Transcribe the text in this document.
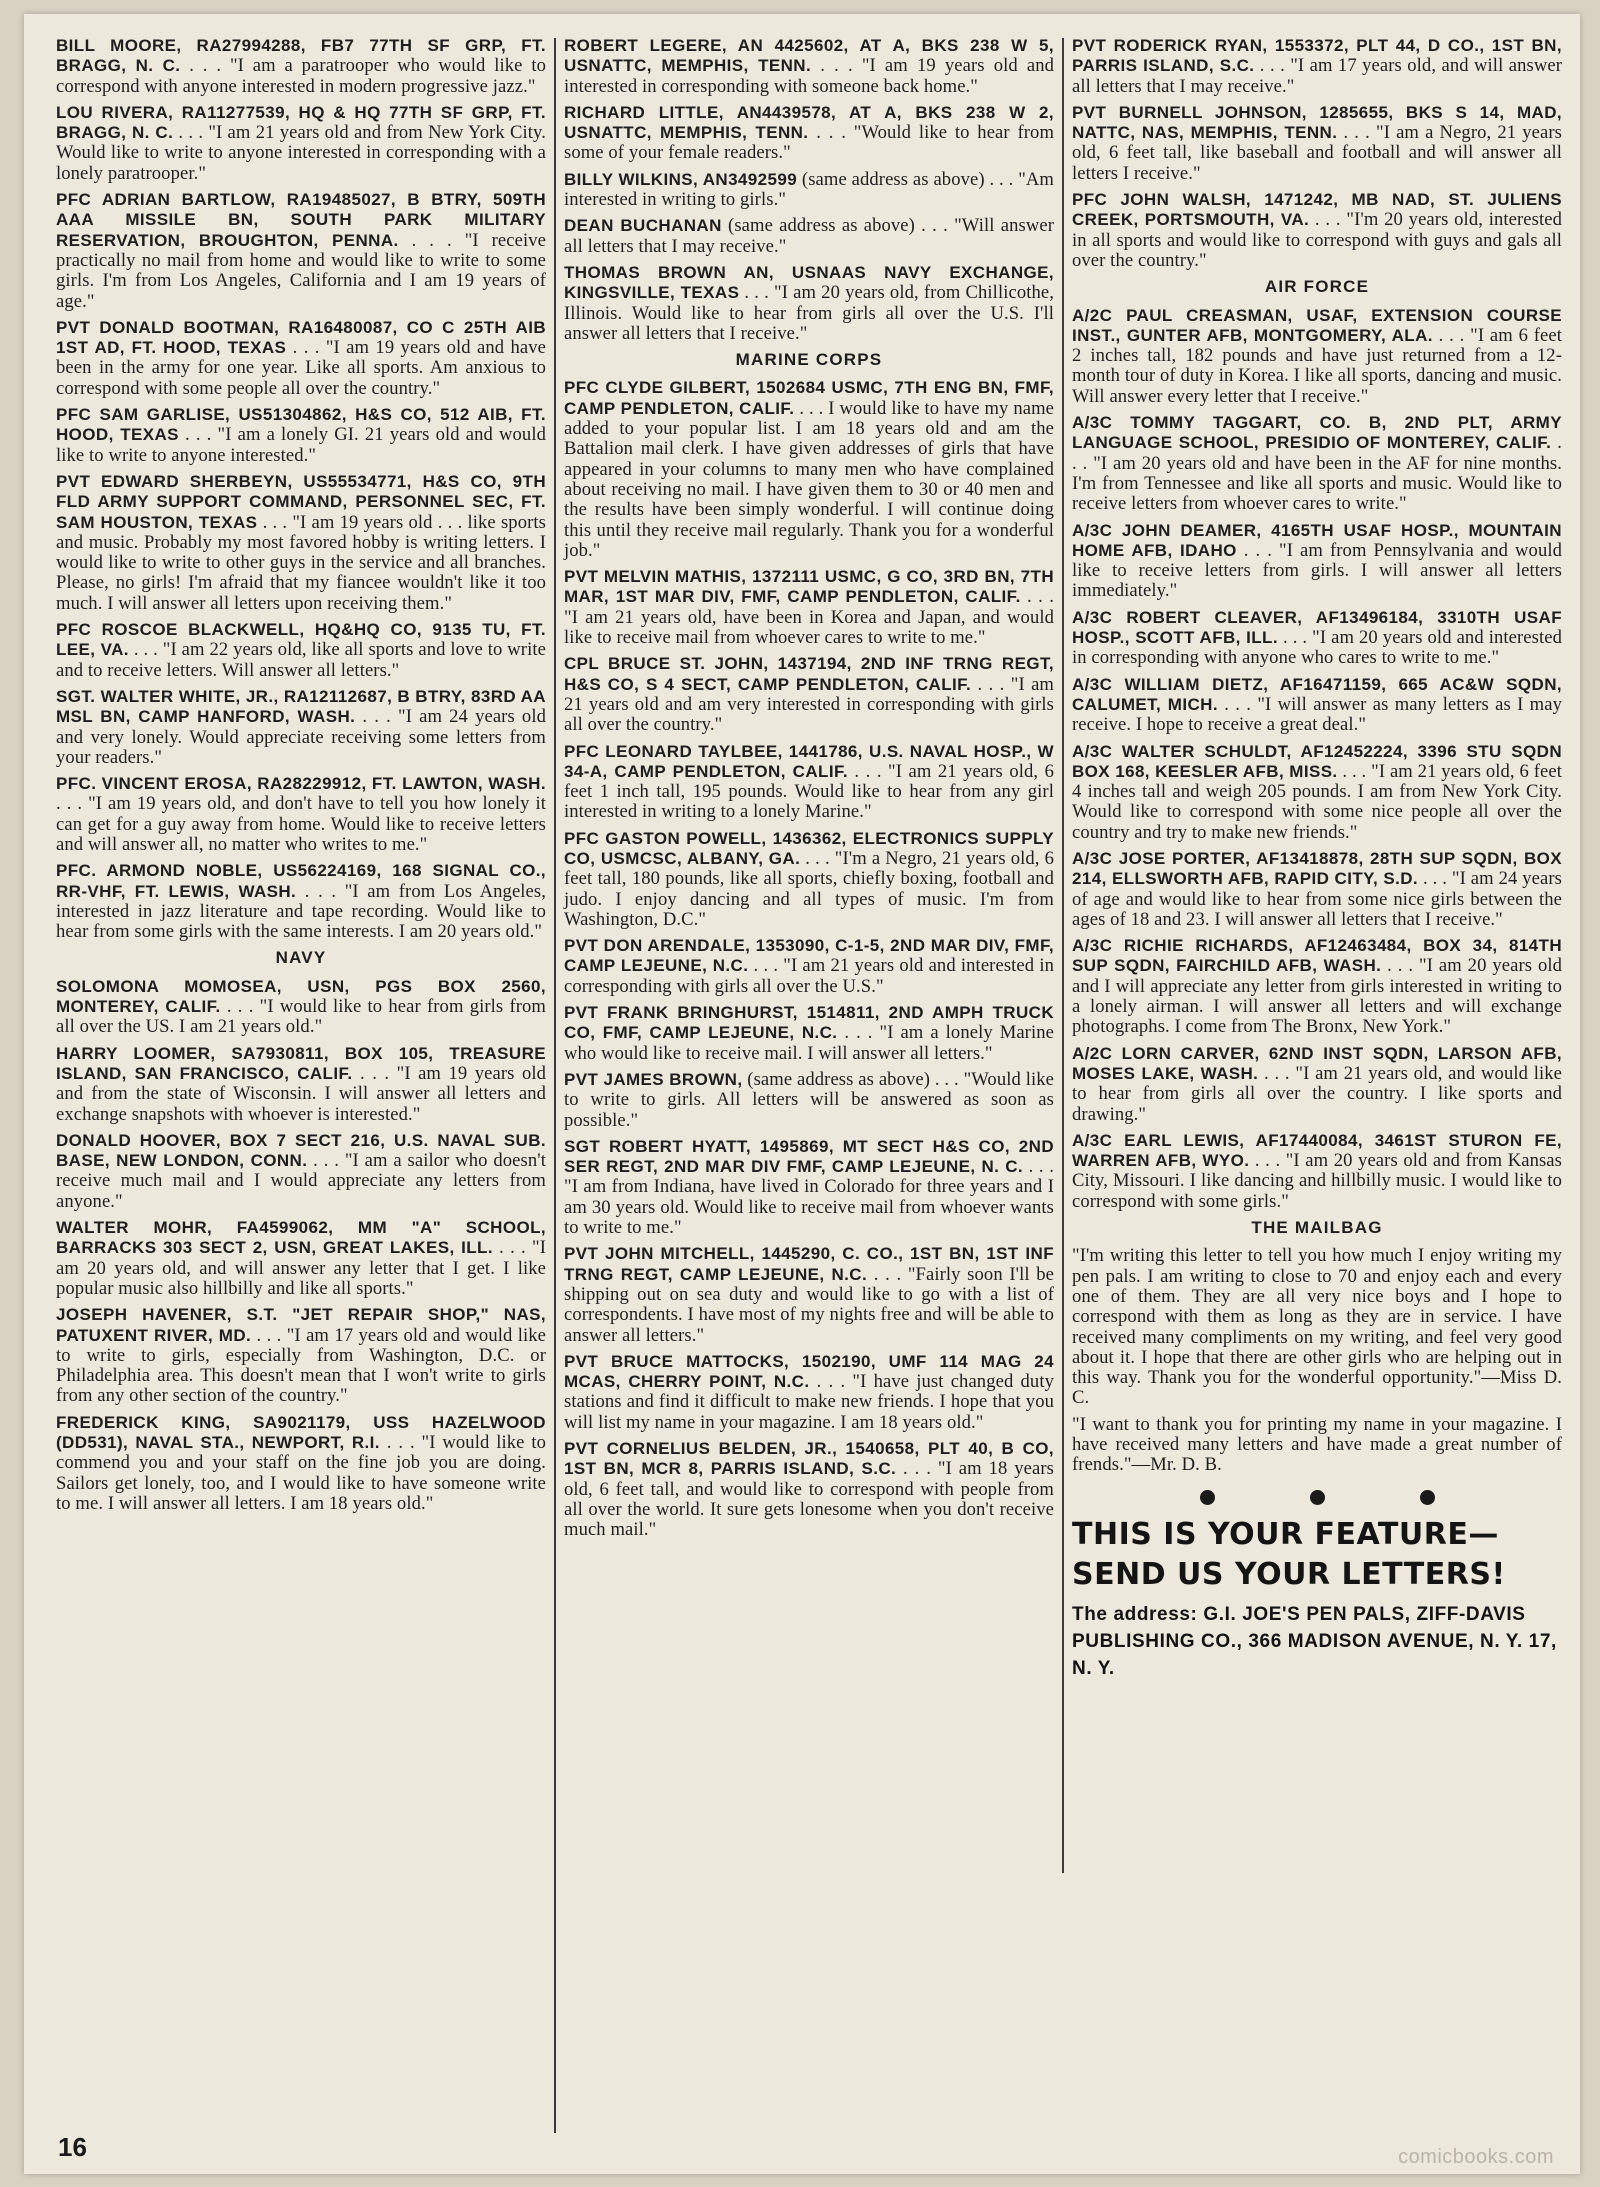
BILL MOORE, RA27994288, FB7 77TH SF GRP, FT. BRAGG, N. C. . . . "I am a paratrooper who would like to correspond with anyone interested in modern progressive jazz."

LOU RIVERA, RA11277539, HQ & HQ 77TH SF GRP, FT. BRAGG, N. C. . . . "I am 21 years old and from New York City. Would like to write to anyone interested in corresponding with a lonely paratrooper."

PFC ADRIAN BARTLOW, RA19485027, B BTRY, 509TH AAA MISSILE BN, SOUTH PARK MILITARY RESERVATION, BROUGHTON, PENNA. . . . "I receive practically no mail from home and would like to write to some girls. I'm from Los Angeles, California and I am 19 years of age."

PVT DONALD BOOTMAN, RA16480087, CO C 25TH AIB 1ST AD, FT. HOOD, TEXAS . . . "I am 19 years old and have been in the army for one year. Like all sports. Am anxious to correspond with some people all over the country."

PFC SAM GARLISE, US51304862, H&S CO, 512 AIB, FT. HOOD, TEXAS . . . "I am a lonely GI. 21 years old and would like to write to anyone interested."

PVT EDWARD SHERBEYN, US55534771, H&S CO, 9TH FLD ARMY SUPPORT COMMAND, PERSONNEL SEC, FT. SAM HOUSTON, TEXAS . . . "I am 19 years old . . . like sports and music. Probably my most favored hobby is writing letters. I would like to write to other guys in the service and all branches. Please, no girls! I'm afraid that my fiancee wouldn't like it too much. I will answer all letters upon receiving them."

PFC ROSCOE BLACKWELL, HQ&HQ CO, 9135 TU, FT. LEE, VA. . . . "I am 22 years old, like all sports and love to write and to receive letters. Will answer all letters."

SGT. WALTER WHITE, JR., RA12112687, B BTRY, 83RD AA MSL BN, CAMP HANFORD, WASH. . . . "I am 24 years old and very lonely. Would appreciate receiving some letters from your readers."

PFC. VINCENT EROSA, RA28229912, FT. LAWTON, WASH. . . . "I am 19 years old, and don't have to tell you how lonely it can get for a guy away from home. Would like to receive letters and will answer all, no matter who writes to me."

PFC. ARMOND NOBLE, US56224169, 168 SIGNAL CO., RR-VHF, FT. LEWIS, WASH. . . . "I am from Los Angeles, interested in jazz literature and tape recording. Would like to hear from some girls with the same interests. I am 20 years old."

NAVY

SOLOMONA MOMOSEA, USN, PGS BOX 2560, MONTEREY, CALIF. . . . "I would like to hear from girls from all over the US. I am 21 years old."

HARRY LOOMER, SA7930811, BOX 105, TREASURE ISLAND, SAN FRANCISCO, CALIF. . . . "I am 19 years old and from the state of Wisconsin. I will answer all letters and exchange snapshots with whoever is interested."

DONALD HOOVER, BOX 7 SECT 216, U.S. NAVAL SUB. BASE, NEW LONDON, CONN. . . . "I am a sailor who doesn't receive much mail and I would appreciate any letters from anyone."

WALTER MOHR, FA4599062, MM "A" SCHOOL, BARRACKS 303 SECT 2, USN, GREAT LAKES, ILL. . . . "I am 20 years old, and will answer any letter that I get. I like popular music also hillbilly and like all sports."

JOSEPH HAVENER, S.T. "JET REPAIR SHOP," NAS, PATUXENT RIVER, MD. . . . "I am 17 years old and would like to write to girls, especially from Washington, D.C. or Philadelphia area. This doesn't mean that I won't write to girls from any other section of the country."

FREDERICK KING, SA9021179, USS HAZELWOOD (DD531), NAVAL STA., NEWPORT, R.I. . . . "I would like to commend you and your staff on the fine job you are doing. Sailors get lonely, too, and I would like to have someone write to me. I will answer all letters. I am 18 years old."

ROBERT LEGERE, AN 4425602, AT A, BKS 238 W 5, USNATTC, MEMPHIS, TENN. . . . "I am 19 years old and interested in corresponding with someone back home."

RICHARD LITTLE, AN4439578, AT A, BKS 238 W 2, USNATTC, MEMPHIS, TENN. . . . "Would like to hear from some of your female readers."

BILLY WILKINS, AN3492599 (same address as above) . . . "Am interested in writing to girls."

DEAN BUCHANAN (same address as above) . . . "Will answer all letters that I may receive."

THOMAS BROWN AN, USNAAS NAVY EXCHANGE, KINGSVILLE, TEXAS . . . "I am 20 years old, from Chillicothe, Illinois. Would like to hear from girls all over the U.S. I'll answer all letters that I receive."

MARINE CORPS

PFC CLYDE GILBERT, 1502684 USMC, 7TH ENG BN, FMF, CAMP PENDLETON, CALIF. . . . I would like to have my name added to your popular list. I am 18 years old and am the Battalion mail clerk. I have given addresses of girls that have appeared in your columns to many men who have complained about receiving no mail. I have given them to 30 or 40 men and the results have been simply wonderful. I will continue doing this until they receive mail regularly. Thank you for a wonderful job."

PVT MELVIN MATHIS, 1372111 USMC, G CO, 3RD BN, 7TH MAR, 1ST MAR DIV, FMF, CAMP PENDLETON, CALIF. . . . "I am 21 years old, have been in Korea and Japan, and would like to receive mail from whoever cares to write to me."

CPL BRUCE ST. JOHN, 1437194, 2ND INF TRNG REGT, H&S CO, S 4 SECT, CAMP PENDLETON, CALIF. . . . "I am 21 years old and am very interested in corresponding with girls all over the country."

PFC LEONARD TAYLBEE, 1441786, U.S. NAVAL HOSP., W 34-A, CAMP PENDLETON, CALIF. . . . "I am 21 years old, 6 feet 1 inch tall, 195 pounds. Would like to hear from any girl interested in writing to a lonely Marine."

PFC GASTON POWELL, 1436362, ELECTRONICS SUPPLY CO, USMCSC, ALBANY, GA. . . . "I'm a Negro, 21 years old, 6 feet tall, 180 pounds, like all sports, chiefly boxing, football and judo. I enjoy dancing and all types of music. I'm from Washington, D.C."

PVT DON ARENDALE, 1353090, C-1-5, 2ND MAR DIV, FMF, CAMP LEJEUNE, N.C. . . . "I am 21 years old and interested in corresponding with girls all over the U.S."

PVT FRANK BRINGHURST, 1514811, 2ND AMPH TRUCK CO, FMF, CAMP LEJEUNE, N.C. . . . "I am a lonely Marine who would like to receive mail. I will answer all letters."

PVT JAMES BROWN, (same address as above) . . . "Would like to write to girls. All letters will be answered as soon as possible."

SGT ROBERT HYATT, 1495869, MT SECT H&S CO, 2ND SER REGT, 2ND MAR DIV FMF, CAMP LEJEUNE, N. C. . . . "I am from Indiana, have lived in Colorado for three years and I am 30 years old. Would like to receive mail from whoever wants to write to me."

PVT JOHN MITCHELL, 1445290, C. CO., 1ST BN, 1ST INF TRNG REGT, CAMP LEJEUNE, N.C. . . . "Fairly soon I'll be shipping out on sea duty and would like to go with a list of correspondents. I have most of my nights free and will be able to answer all letters."

PVT BRUCE MATTOCKS, 1502190, UMF 114 MAG 24 MCAS, CHERRY POINT, N.C. . . . "I have just changed duty stations and find it difficult to make new friends. I hope that you will list my name in your magazine. I am 18 years old."

PVT CORNELIUS BELDEN, JR., 1540658, PLT 40, B CO, 1ST BN, MCR 8, PARRIS ISLAND, S.C. . . . "I am 18 years old, 6 feet tall, and would like to correspond with people from all over the world. It sure gets lonesome when you don't receive much mail."

PVT RODERICK RYAN, 1553372, PLT 44, D CO., 1ST BN, PARRIS ISLAND, S.C. . . . "I am 17 years old, and will answer all letters that I may receive."

PVT BURNELL JOHNSON, 1285655, BKS S 14, MAD, NATTC, NAS, MEMPHIS, TENN. . . . "I am a Negro, 21 years old, 6 feet tall, like baseball and football and will answer all letters I receive."

PFC JOHN WALSH, 1471242, MB NAD, ST. JULIENS CREEK, PORTSMOUTH, VA. . . . "I'm 20 years old, interested in all sports and would like to correspond with guys and gals all over the country."

AIR FORCE

A/2C PAUL CREASMAN, USAF, EXTENSION COURSE INST., GUNTER AFB, MONTGOMERY, ALA. . . . "I am 6 feet 2 inches tall, 182 pounds and have just returned from a 12-month tour of duty in Korea. I like all sports, dancing and music. Will answer every letter that I receive."

A/3C TOMMY TAGGART, CO. B, 2ND PLT, ARMY LANGUAGE SCHOOL, PRESIDIO OF MONTEREY, CALIF. . . . "I am 20 years old and have been in the AF for nine months. I'm from Tennessee and like all sports and music. Would like to receive letters from whoever cares to write."

A/3C JOHN DEAMER, 4165TH USAF HOSP., MOUNTAIN HOME AFB, IDAHO . . . "I am from Pennsylvania and would like to receive letters from girls. I will answer all letters immediately."

A/3C ROBERT CLEAVER, AF13496184, 3310TH USAF HOSP., SCOTT AFB, ILL. . . . "I am 20 years old and interested in corresponding with anyone who cares to write to me."

A/3C WILLIAM DIETZ, AF16471159, 665 AC&W SQDN, CALUMET, MICH. . . . "I will answer as many letters as I may receive. I hope to receive a great deal."

A/3C WALTER SCHULDT, AF12452224, 3396 STU SQDN BOX 168, KEESLER AFB, MISS. . . . "I am 21 years old, 6 feet 4 inches tall and weigh 205 pounds. I am from New York City. Would like to correspond with some nice people all over the country and try to make new friends."

A/3C JOSE PORTER, AF13418878, 28TH SUP SQDN, BOX 214, ELLSWORTH AFB, RAPID CITY, S.D. . . . "I am 24 years of age and would like to hear from some nice girls between the ages of 18 and 23. I will answer all letters that I receive."

A/3C RICHIE RICHARDS, AF12463484, BOX 34, 814TH SUP SQDN, FAIRCHILD AFB, WASH. . . . "I am 20 years old and I will appreciate any letter from girls interested in writing to a lonely airman. I will answer all letters and will exchange photographs. I come from The Bronx, New York."

A/2C LORN CARVER, 62ND INST SQDN, LARSON AFB, MOSES LAKE, WASH. . . . "I am 21 years old, and would like to hear from girls all over the country. I like sports and drawing."

A/3C EARL LEWIS, AF17440084, 3461ST STURON FE, WARREN AFB, WYO. . . . "I am 20 years old and from Kansas City, Missouri. I like dancing and hillbilly music. I would like to correspond with some girls."

THE MAILBAG

"I'm writing this letter to tell you how much I enjoy writing my pen pals. I am writing to close to 70 and enjoy each and every one of them. They are all very nice boys and I hope to correspond with them as long as they are in service. I have received many compliments on my writing, and feel very good about it. I hope that there are other girls who are helping out in this way. Thank you for the wonderful opportunity."—Miss D. C.

"I want to thank you for printing my name in your magazine. I have received many letters and have made a great number of frends."—Mr. D. B.

THIS IS YOUR FEATURE—
SEND US YOUR LETTERS!
The address: G.I. JOE'S PEN PALS, ZIFF-DAVIS PUBLISHING CO., 366 MADISON AVENUE, N. Y. 17, N. Y.
16	comicbooks.com
